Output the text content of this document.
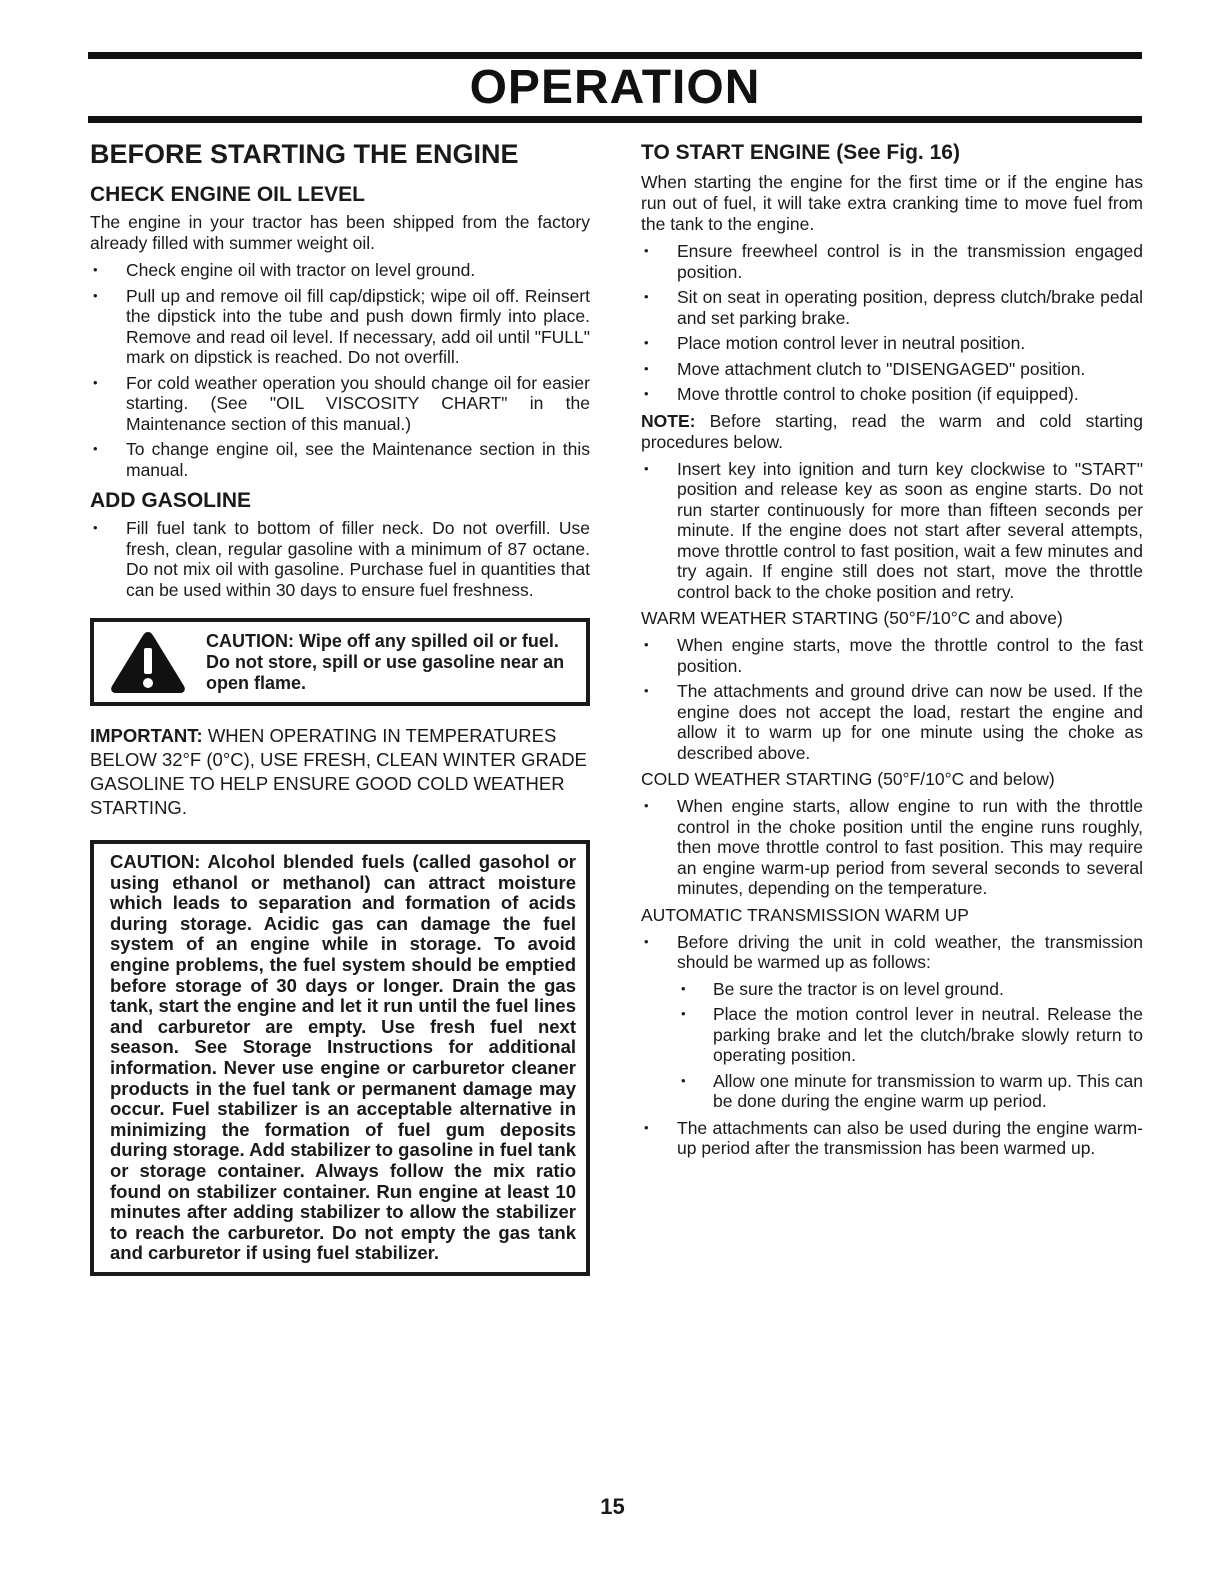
OPERATION
BEFORE STARTING THE ENGINE
CHECK ENGINE OIL LEVEL

The engine in your tractor has been shipped from the factory already filled with summer weight oil.

• Check engine oil with tractor on level ground.
• Pull up and remove oil fill cap/dipstick; wipe oil off. Reinsert the dipstick into the tube and push down firmly into place. Remove and read oil level. If necessary, add oil until "FULL" mark on dipstick is reached. Do not overfill.
• For cold weather operation you should change oil for easier starting. (See "OIL VISCOSITY CHART" in the Maintenance section of this manual.)
• To change engine oil, see the Maintenance section in this manual.
ADD GASOLINE
• Fill fuel tank to bottom of filler neck. Do not overfill. Use fresh, clean, regular gasoline with a minimum of 87 octane. Do not mix oil with gasoline. Purchase fuel in quantities that can be used within 30 days to ensure fuel freshness.
CAUTION: Wipe off any spilled oil or fuel. Do not store, spill or use gasoline near an open flame.

IMPORTANT: WHEN OPERATING IN TEMPERATURES BELOW 32°F (0°C), USE FRESH, CLEAN WINTER GRADE GASOLINE TO HELP ENSURE GOOD COLD WEATHER STARTING.

CAUTION: Alcohol blended fuels (called gasohol or using ethanol or methanol) can attract moisture which leads to separation and formation of acids during storage. Acidic gas can damage the fuel system of an engine while in storage. To avoid engine problems, the fuel system should be emptied before storage of 30 days or longer. Drain the gas tank, start the engine and let it run until the fuel lines and carburetor are empty. Use fresh fuel next season. See Storage Instructions for additional information. Never use engine or carburetor cleaner products in the fuel tank or permanent damage may occur. Fuel stabilizer is an acceptable alternative in minimizing the formation of fuel gum deposits during storage. Add stabilizer to gasoline in fuel tank or storage container. Always follow the mix ratio found on stabilizer container. Run engine at least 10 minutes after adding stabilizer to allow the stabilizer to reach the carburetor. Do not empty the gas tank and carburetor if using fuel stabilizer.
TO START ENGINE (See Fig. 16)

When starting the engine for the first time or if the engine has run out of fuel, it will take extra cranking time to move fuel from the tank to the engine.

• Ensure freewheel control is in the transmission engaged position.
• Sit on seat in operating position, depress clutch/brake pedal and set parking brake.
• Place motion control lever in neutral position.
• Move attachment clutch to "DISENGAGED" position.
• Move throttle control to choke position (if equipped).

NOTE: Before starting, read the warm and cold starting procedures below.

• Insert key into ignition and turn key clockwise to "START" position and release key as soon as engine starts. Do not run starter continuously for more than fifteen seconds per minute. If the engine does not start after several attempts, move throttle control to fast position, wait a few minutes and try again. If engine still does not start, move the throttle control back to the choke position and retry.

WARM WEATHER STARTING (50°F/10°C and above)

• When engine starts, move the throttle control to the fast position.
• The attachments and ground drive can now be used. If the engine does not accept the load, restart the engine and allow it to warm up for one minute using the choke as described above.

COLD WEATHER STARTING (50°F/10°C and below)

• When engine starts, allow engine to run with the throttle control in the choke position until the engine runs roughly, then move throttle control to fast position. This may require an engine warm-up period from several seconds to several minutes, depending on the temperature.

AUTOMATIC TRANSMISSION WARM UP

• Before driving the unit in cold weather, the transmission should be warmed up as follows:
• Be sure the tractor is on level ground.
• Place the motion control lever in neutral. Release the parking brake and let the clutch/brake slowly return to operating position.
• Allow one minute for transmission to warm up. This can be done during the engine warm up period.
• The attachments can also be used during the engine warm-up period after the transmission has been warmed up.
15
